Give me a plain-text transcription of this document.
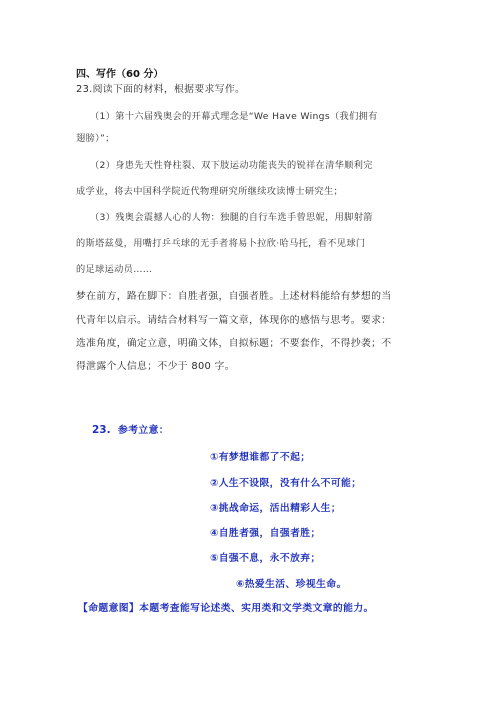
四、写作（60 分）
23.阅读下面的材料，根据要求写作。
（1）第十六届残奥会的开幕式理念是“We Have Wings（我们拥有
翅膀）”；
（2）身患先天性脊柱裂、双下肢运动功能丧失的锐祥在清华顺利完
成学业，将去中国科学院近代物理研究所继续攻读博士研究生；
（3）残奥会震撼人心的人物：独腿的自行车选手曾思妮，用脚射箭
的斯塔兹曼，用嘴打乒乓球的无手者将易卜拉欣·哈马托，看不见球门
的足球运动员……
梦在前方，路在脚下：自胜者强，自强者胜。上述材料能给有梦想的当
代青年以启示。请结合材料写一篇文章，体现你的感悟与思考。要求：
选准角度，确定立意，明确文体，自拟标题；不要套作，不得抄袭；不
得泄露个人信息；不少于 800 字。
23. 参考立意：
①有梦想谁都了不起；
②人生不设限，没有什么不可能；
③挑战命运，活出精彩人生；
④自胜者强，自强者胜；
⑤自强不息，永不放弃；
⑥热爱生活、珍视生命。
【命题意图】本题考查能写论述类、实用类和文学类文章的能力。
